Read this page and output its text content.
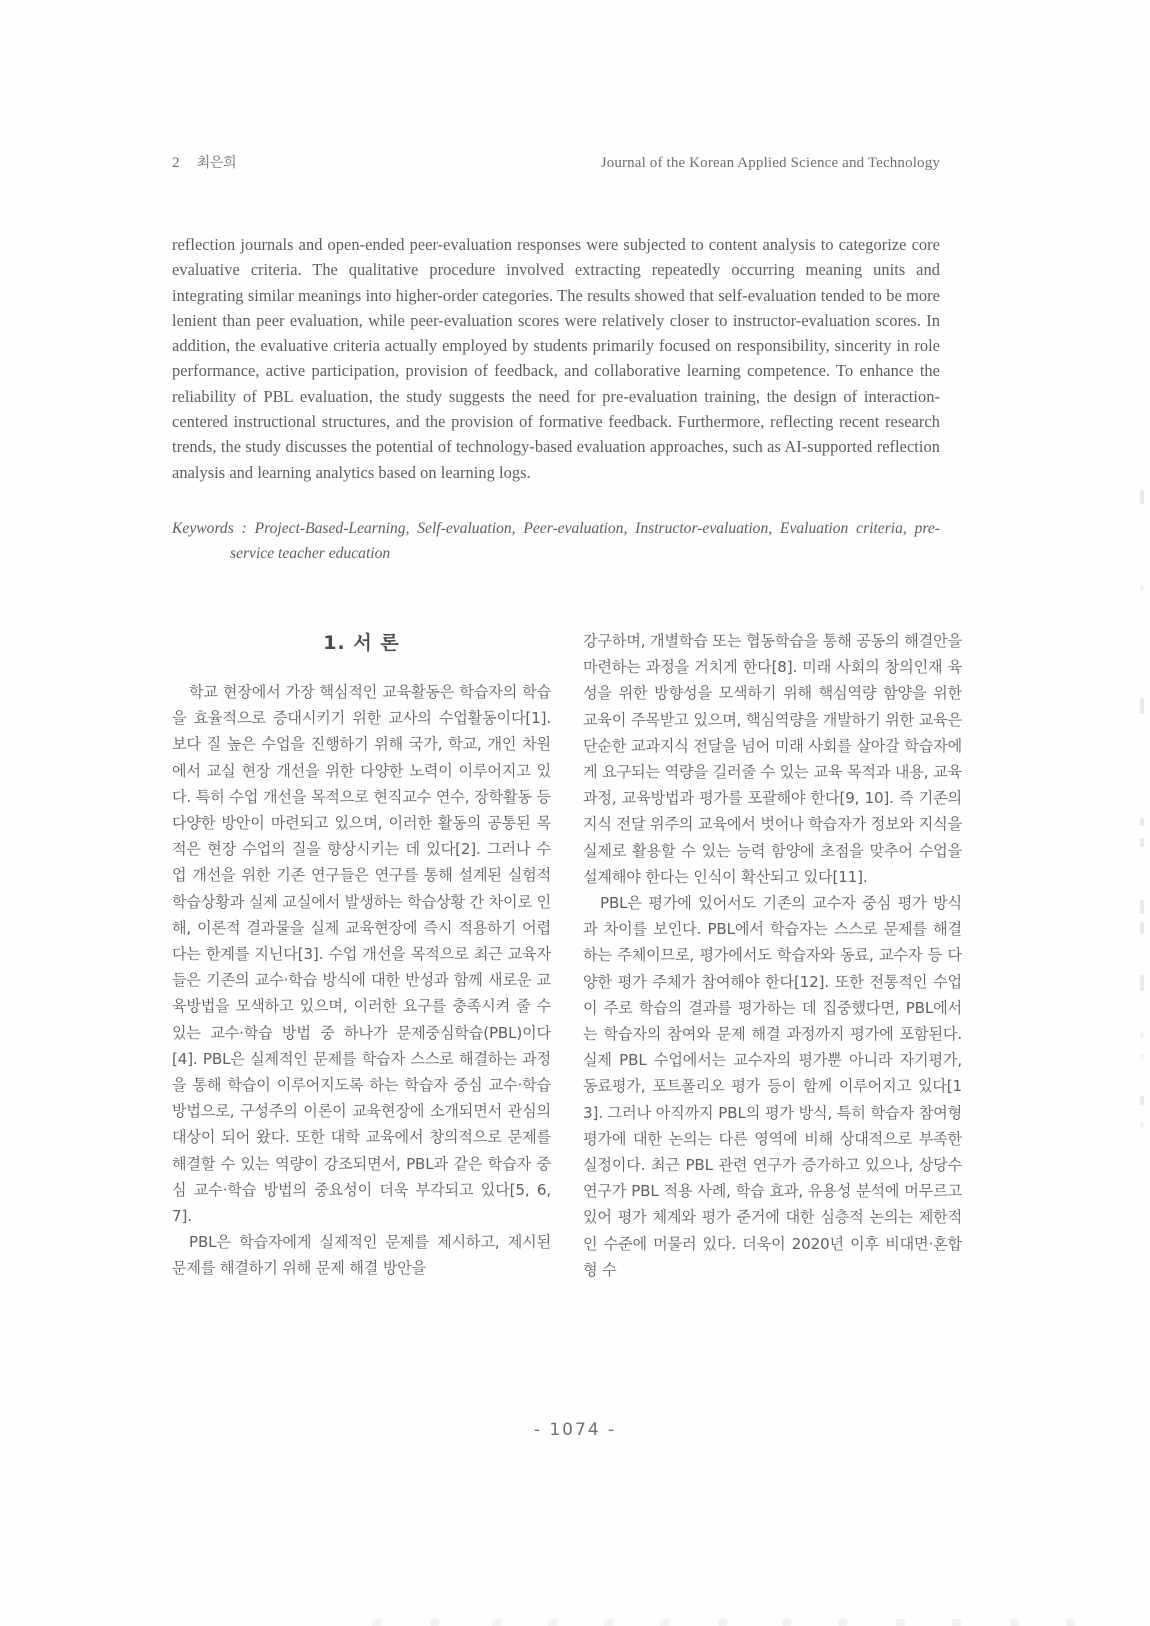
2 최은희	Journal of the Korean Applied Science and Technology
reflection journals and open-ended peer-evaluation responses were subjected to content analysis to categorize core evaluative criteria. The qualitative procedure involved extracting repeatedly occurring meaning units and integrating similar meanings into higher-order categories. The results showed that self-evaluation tended to be more lenient than peer evaluation, while peer-evaluation scores were relatively closer to instructor-evaluation scores. In addition, the evaluative criteria actually employed by students primarily focused on responsibility, sincerity in role performance, active participation, provision of feedback, and collaborative learning competence. To enhance the reliability of PBL evaluation, the study suggests the need for pre-evaluation training, the design of interaction-centered instructional structures, and the provision of formative feedback. Furthermore, reflecting recent research trends, the study discusses the potential of technology-based evaluation approaches, such as AI-supported reflection analysis and learning analytics based on learning logs.
Keywords : Project-Based-Learning, Self-evaluation, Peer-evaluation, Instructor-evaluation, Evaluation criteria, pre-service teacher education
1. 서 론

학교 현장에서 가장 핵심적인 교육활동은 학습자의 학습을 효율적으로 증대시키기 위한 교사의 수업활동이다[1]. 보다 질 높은 수업을 진행하기 위해 국가, 학교, 개인 차원에서 교실 현장 개선을 위한 다양한 노력이 이루어지고 있다. 특히 수업 개선을 목적으로 현직교수 연수, 장학활동 등 다양한 방안이 마련되고 있으며, 이러한 활동의 공통된 목적은 현장 수업의 질을 향상시키는 데 있다[2]. 그러나 수업 개선을 위한 기존 연구들은 연구를 통해 설계된 실험적 학습상황과 실제 교실에서 발생하는 학습상황 간 차이로 인해, 이론적 결과물을 실제 교육현장에 즉시 적용하기 어렵다는 한계를 지닌다[3]. 수업 개선을 목적으로 최근 교육자들은 기존의 교수·학습 방식에 대한 반성과 함께 새로운 교육방법을 모색하고 있으며, 이러한 요구를 충족시켜 줄 수 있는 교수·학습 방법 중 하나가 문제중심학습(PBL)이다[4]. PBL은 실제적인 문제를 학습자 스스로 해결하는 과정을 통해 학습이 이루어지도록 하는 학습자 중심 교수·학습 방법으로, 구성주의 이론이 교육현장에 소개되면서 관심의 대상이 되어 왔다. 또한 대학 교육에서 창의적으로 문제를 해결할 수 있는 역량이 강조되면서, PBL과 같은 학습자 중심 교수·학습 방법의 중요성이 더욱 부각되고 있다[5, 6, 7].

PBL은 학습자에게 실제적인 문제를 제시하고, 제시된 문제를 해결하기 위해 문제 해결 방안을

강구하며, 개별학습 또는 협동학습을 통해 공동의 해결안을 마련하는 과정을 거치게 한다[8]. 미래 사회의 창의인재 육성을 위한 방향성을 모색하기 위해 핵심역량 함양을 위한 교육이 주목받고 있으며, 핵심역량을 개발하기 위한 교육은 단순한 교과지식 전달을 넘어 미래 사회를 살아갈 학습자에게 요구되는 역량을 길러줄 수 있는 교육 목적과 내용, 교육과정, 교육방법과 평가를 포괄해야 한다[9, 10]. 즉 기존의 지식 전달 위주의 교육에서 벗어나 학습자가 정보와 지식을 실제로 활용할 수 있는 능력 함양에 초점을 맞추어 수업을 설계해야 한다는 인식이 확산되고 있다[11].

PBL은 평가에 있어서도 기존의 교수자 중심 평가 방식과 차이를 보인다. PBL에서 학습자는 스스로 문제를 해결하는 주체이므로, 평가에서도 학습자와 동료, 교수자 등 다양한 평가 주체가 참여해야 한다[12]. 또한 전통적인 수업이 주로 학습의 결과를 평가하는 데 집중했다면, PBL에서는 학습자의 참여와 문제 해결 과정까지 평가에 포함된다. 실제 PBL 수업에서는 교수자의 평가뿐 아니라 자기평가, 동료평가, 포트폴리오 평가 등이 함께 이루어지고 있다[13]. 그러나 아직까지 PBL의 평가 방식, 특히 학습자 참여형 평가에 대한 논의는 다른 영역에 비해 상대적으로 부족한 실정이다. 최근 PBL 관련 연구가 증가하고 있으나, 상당수 연구가 PBL 적용 사례, 학습 효과, 유용성 분석에 머무르고 있어 평가 체계와 평가 준거에 대한 심층적 논의는 제한적인 수준에 머물러 있다. 더욱이 2020년 이후 비대면·혼합형 수

- 1074 -
